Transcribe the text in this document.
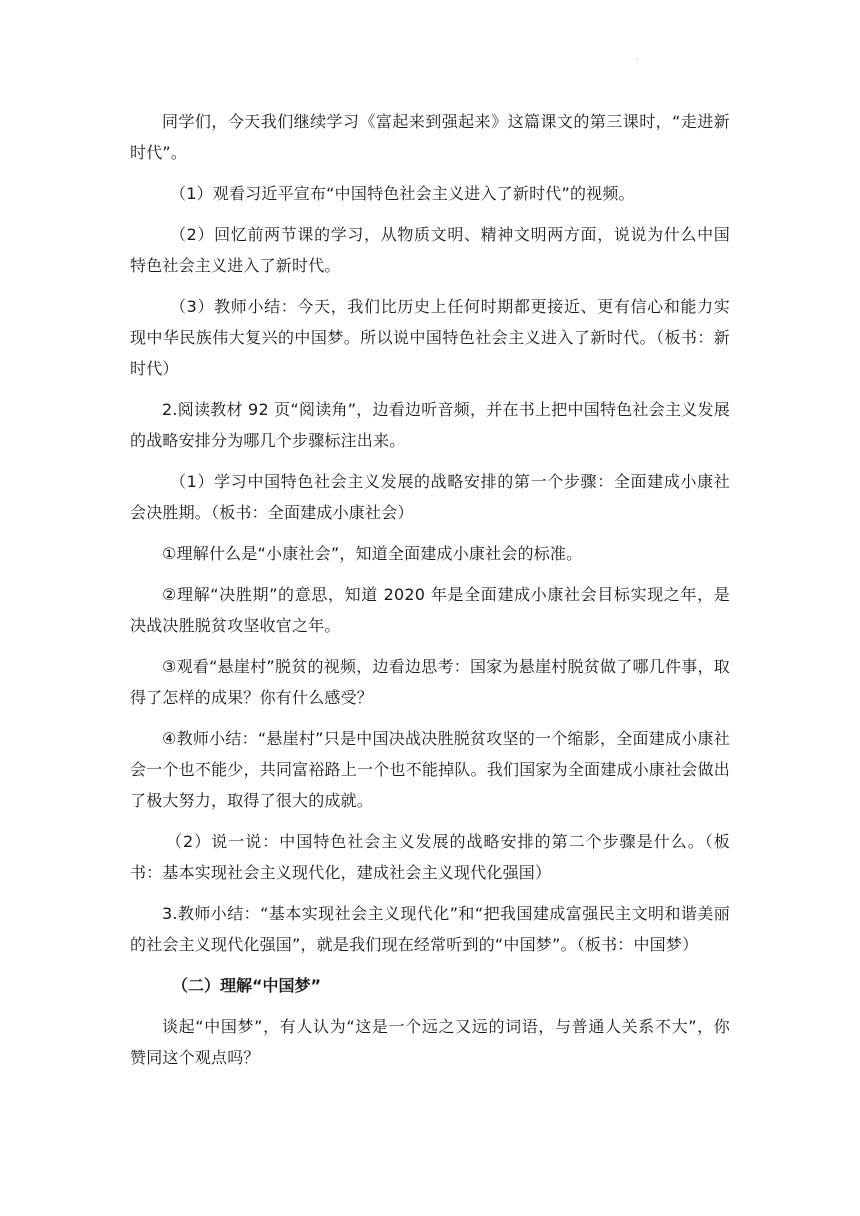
·

同学们，今天我们继续学习《富起来到强起来》这篇课文的第三课时，“走进新时代”。

（1）观看习近平宣布“中国特色社会主义进入了新时代”的视频。

（2）回忆前两节课的学习，从物质文明、精神文明两方面，说说为什么中国特色社会主义进入了新时代。

（3）教师小结：今天，我们比历史上任何时期都更接近、更有信心和能力实现中华民族伟大复兴的中国梦。所以说中国特色社会主义进入了新时代。（板书：新时代）

2.阅读教材 92 页“阅读角”，边看边听音频，并在书上把中国特色社会主义发展的战略安排分为哪几个步骤标注出来。

（1）学习中国特色社会主义发展的战略安排的第一个步骤：全面建成小康社会决胜期。（板书：全面建成小康社会）

①理解什么是“小康社会”，知道全面建成小康社会的标准。

②理解“决胜期”的意思，知道 2020 年是全面建成小康社会目标实现之年，是决战决胜脱贫攻坚收官之年。

③观看“悬崖村”脱贫的视频，边看边思考：国家为悬崖村脱贫做了哪几件事，取得了怎样的成果？你有什么感受？

④教师小结：“悬崖村”只是中国决战决胜脱贫攻坚的一个缩影，全面建成小康社会一个也不能少，共同富裕路上一个也不能掉队。我们国家为全面建成小康社会做出了极大努力，取得了很大的成就。

（2）说一说：中国特色社会主义发展的战略安排的第二个步骤是什么。（板书：基本实现社会主义现代化，建成社会主义现代化强国）

3.教师小结：“基本实现社会主义现代化”和“把我国建成富强民主文明和谐美丽的社会主义现代化强国”，就是我们现在经常听到的“中国梦”。（板书：中国梦）

（二）理解“中国梦”

谈起“中国梦”，有人认为“这是一个远之又远的词语，与普通人关系不大”，你赞同这个观点吗？
